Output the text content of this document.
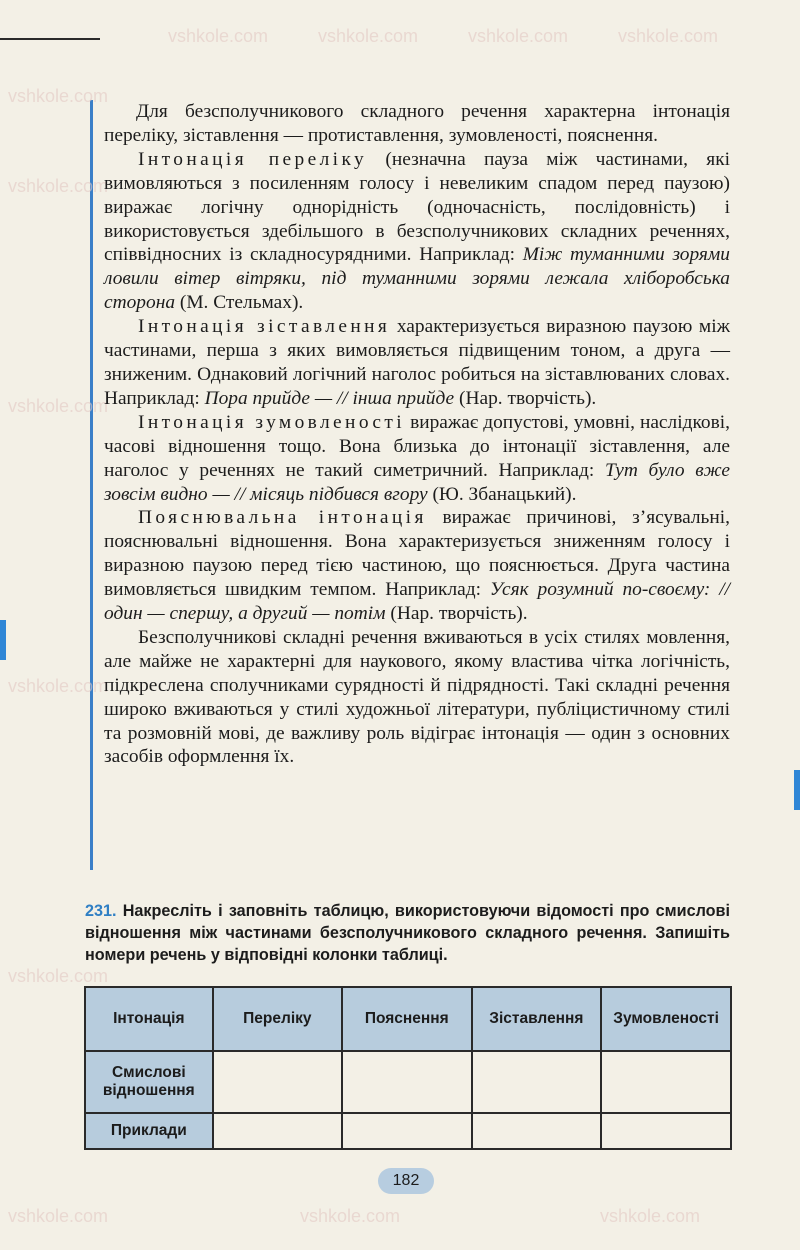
vshkole.com	vshkole.com	vshkole.com	vshkole.com
vshkole.com
vshkole.com
vshkole.com
vshkole.com
vshkole.com
vshkole.com	vshkole.com	vshkole.com

Для безсполучникового складного речення характерна інтонація переліку, зіставлення — протиставлення, зумовленості, пояснення.

Інтонація переліку (незначна пауза між частинами, які вимовляються з посиленням голосу і невеликим спадом перед паузою) виражає логічну однорідність (одночасність, послідовність) і використовується здебільшого в безсполучникових складних реченнях, співвідносних із складносурядними. Наприклад: Між туманними зорями ловили вітер вітряки, під туманними зорями лежала хліборобська сторона (М. Стельмах).

Інтонація зіставлення характеризується виразною паузою між частинами, перша з яких вимовляється підвищеним тоном, а друга — зниженим. Однаковий логічний наголос робиться на зіставлюваних словах. Наприклад: Пора прийде — // інша прийде (Нар. творчість).

Інтонація зумовленості виражає допустові, умовні, наслідкові, часові відношення тощо. Вона близька до інтонації зіставлення, але наголос у реченнях не такий симетричний. Наприклад: Тут було вже зовсім видно — // місяць підбився вгору (Ю. Збанацький).

Пояснювальна інтонація виражає причинові, з’ясувальні, пояснювальні відношення. Вона характеризується зниженням голосу і виразною паузою перед тією частиною, що пояснюється. Друга частина вимовляється швидким темпом. Наприклад: Усяк розумний по-своєму: // один — спершу, а другий — потім (Нар. творчість).

Безсполучникові складні речення вживаються в усіх стилях мовлення, але майже не характерні для наукового, якому властива чітка логічність, підкреслена сполучниками сурядності й підрядності. Такі складні речення широко вживаються у стилі художньої літератури, публіцистичному стилі та розмовній мові, де важливу роль відіграє інтонація — один з основних засобів оформлення їх.

231. Накресліть і заповніть таблицю, використовуючи відомості про смислові відношення між частинами безсполучникового складного речення. Запишіть номери речень у відповідні колонки таблиці.
Інтонація	Переліку	Пояснення	Зіставлення	Зумовленості
Смислові відношення				
Приклади				
182
